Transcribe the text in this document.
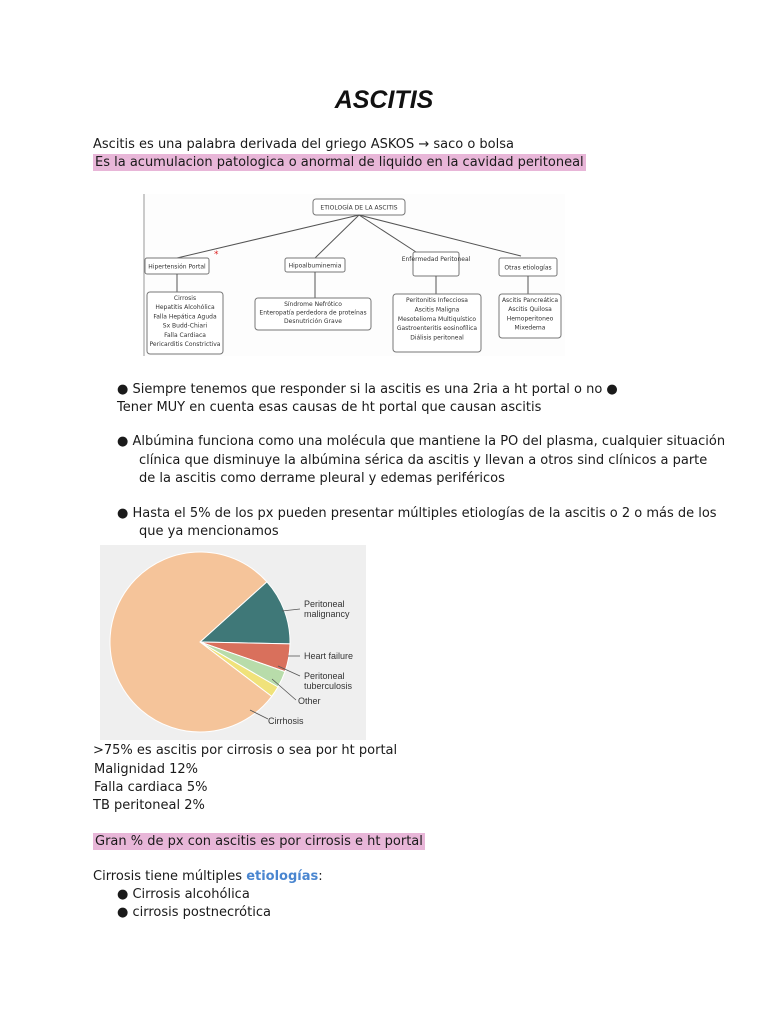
ASCITIS
Ascitis es una palabra derivada del griego ASKOS → saco o bolsa
Es la acumulacion patologica o anormal de liquido en la cavidad peritoneal
ETIOLOGÍA DE LA ASCITIS
Hipertensión Portal
*
Hipoalbuminemia
Enfermedad Peritoneal
Otras etiologías
Cirrosis
Hepatitis Alcohólica
Falla Hepática Aguda
Sx Budd-Chiari
Falla Cardiaca
Pericarditis Constrictiva
Síndrome Nefrótico
Enteropatía perdedora de proteínas
Desnutrición Grave
Peritonitis Infecciosa
Ascitis Maligna
Mesotelioma Multiquístico
Gastroenteritis eosinofílica
Diálisis peritoneal
Ascitis Pancreática
Ascitis Quilosa
Hemoperitoneo
Mixedema
● Siempre tenemos que responder si la ascitis es una 2ria a ht portal o no ●
Tener MUY en cuenta esas causas de ht portal que causan ascitis
● Albúmina funciona como una molécula que mantiene la PO del plasma, cualquier situación
clínica que disminuye la albúmina sérica da ascitis y llevan a otros sind clínicos a parte
de la ascitis como derrame pleural y edemas periféricos
● Hasta el 5% de los px pueden presentar múltiples etiologías de la ascitis o 2 o más de los
que ya mencionamos
Peritoneal
malignancy
Heart failure
Peritoneal
tuberculosis
Other
Cirrhosis
>75% es ascitis por cirrosis o sea por ht portal
Malignidad 12%
Falla cardiaca 5%
TB peritoneal 2%
Gran % de px con ascitis es por cirrosis e ht portal
Cirrosis tiene múltiples etiologías:
● Cirrosis alcohólica
● cirrosis postnecrótica
